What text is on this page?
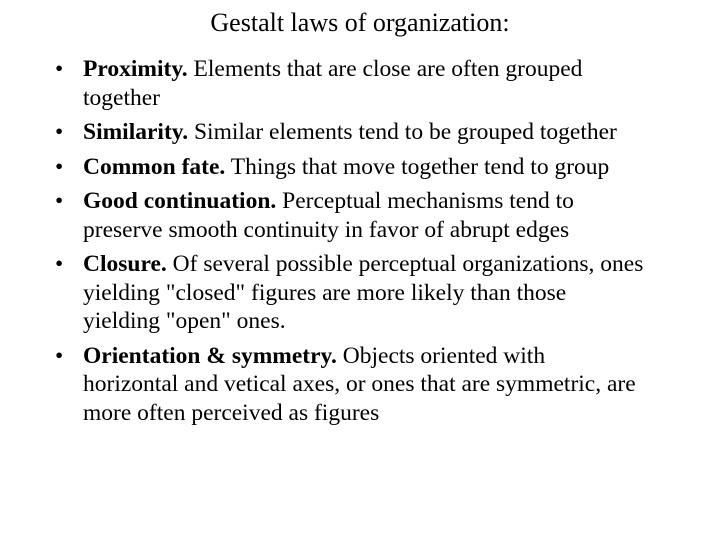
Gestalt laws of organization:
• Proximity. Elements that are close are often grouped together
• Similarity. Similar elements tend to be grouped together
• Common fate. Things that move together tend to group
• Good continuation. Perceptual mechanisms tend to preserve smooth continuity in favor of abrupt edges
• Closure. Of several possible perceptual organizations, ones yielding "closed" figures are more likely than those yielding "open" ones.
• Orientation & symmetry. Objects oriented with horizontal and vetical axes, or ones that are symmetric, are more often perceived as figures
